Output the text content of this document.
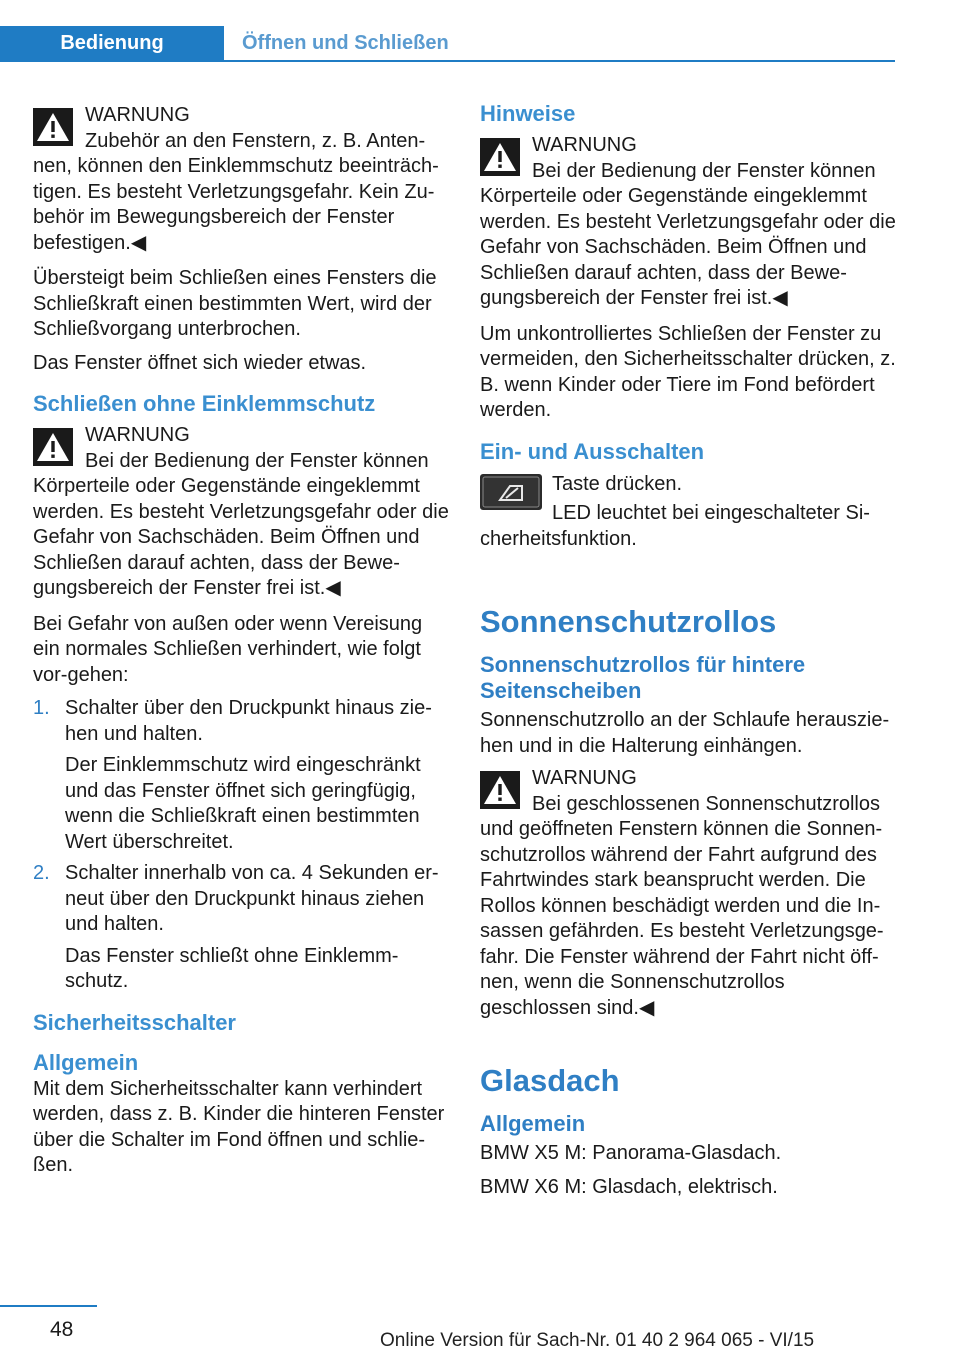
Bedienung	Öffnen und Schließen
WARNUNG

Zubehör an den Fenstern, z. B. Anten‐nen, können den Einklemmschutz beeinträch‐tigen. Es besteht Verletzungsgefahr. Kein Zu‐behör im Bewegungsbereich der Fenster befestigen.◀

Übersteigt beim Schließen eines Fensters die Schließkraft einen bestimmten Wert, wird der Schließvorgang unterbrochen.

Das Fenster öffnet sich wieder etwas.

Schließen ohne Einklemmschutz
WARNUNG

Bei der Bedienung der Fenster können Körperteile oder Gegenstände eingeklemmt werden. Es besteht Verletzungsgefahr oder die Gefahr von Sachschäden. Beim Öffnen und Schließen darauf achten, dass der Bewe‐gungsbereich der Fenster frei ist.◀

Bei Gefahr von außen oder wenn Vereisung ein normales Schließen verhindert, wie folgt vor‐gehen:

1. Schalter über den Druckpunkt hinaus zie‐hen und halten.

Der Einklemmschutz wird eingeschränkt und das Fenster öffnet sich geringfügig, wenn die Schließkraft einen bestimmten Wert überschreitet.

2. Schalter innerhalb von ca. 4 Sekunden er‐neut über den Druckpunkt hinaus ziehen und halten.

Das Fenster schließt ohne Einklemm‐schutz.

Sicherheitsschalter
Allgemein

Mit dem Sicherheitsschalter kann verhindert werden, dass z. B. Kinder die hinteren Fenster über die Schalter im Fond öffnen und schlie‐ßen.

Hinweise
WARNUNG

Bei der Bedienung der Fenster können Körperteile oder Gegenstände eingeklemmt werden. Es besteht Verletzungsgefahr oder die Gefahr von Sachschäden. Beim Öffnen und Schließen darauf achten, dass der Bewe‐gungsbereich der Fenster frei ist.◀

Um unkontrolliertes Schließen der Fenster zu vermeiden, den Sicherheitsschalter drücken, z. B. wenn Kinder oder Tiere im Fond befördert werden.

Ein- und Ausschalten

Taste drücken.

LED leuchtet bei eingeschalteter Si‐cherheitsfunktion.

Sonnenschutzrollos
Sonnenschutzrollos für hintere Seitenscheiben

Sonnenschutzrollo an der Schlaufe herauszie‐hen und in die Halterung einhängen.

WARNUNG

Bei geschlossenen Sonnenschutzrollos und geöffneten Fenstern können die Sonnen‐schutzrollos während der Fahrt aufgrund des Fahrtwindes stark beansprucht werden. Die Rollos können beschädigt werden und die In‐sassen gefährden. Es besteht Verletzungsge‐fahr. Die Fenster während der Fahrt nicht öff‐nen, wenn die Sonnenschutzrollos geschlossen sind.◀

Glasdach
Allgemein

BMW X5 M: Panorama-Glasdach.

BMW X6 M: Glasdach, elektrisch.

48	Online Version für Sach-Nr. 01 40 2 964 065 - VI/15
